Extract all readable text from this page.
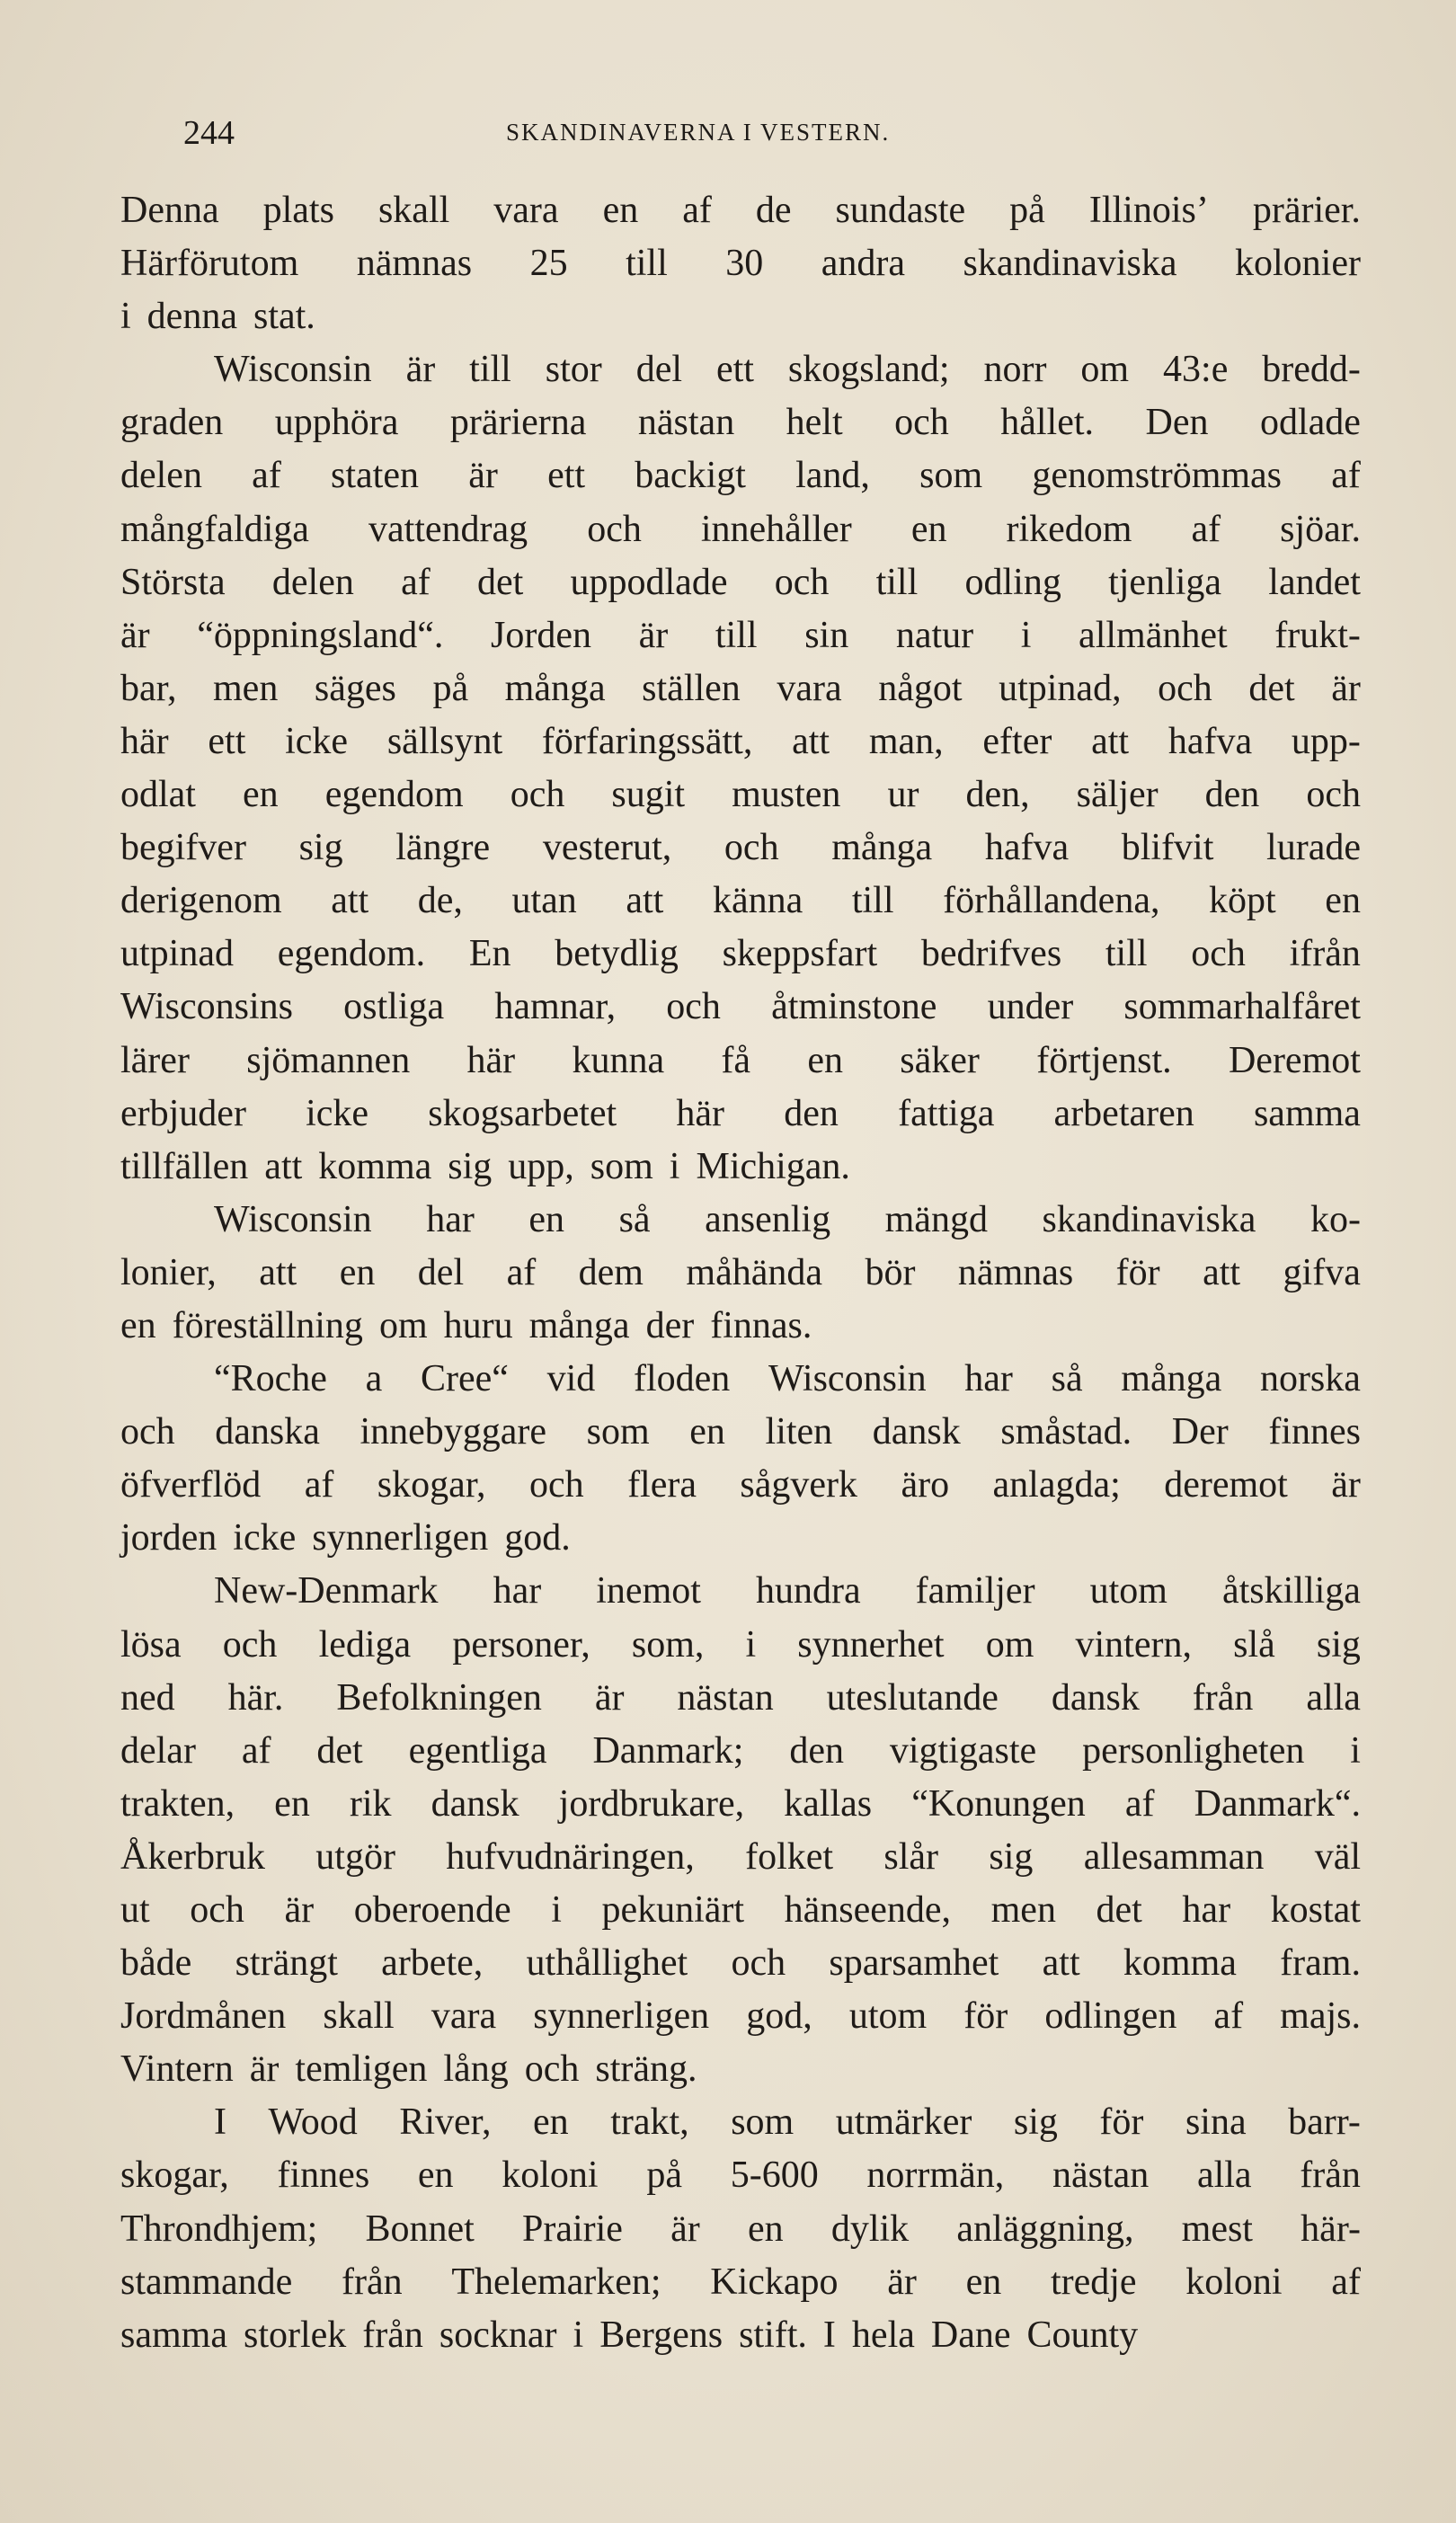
244	SKANDINAVERNA I VESTERN.
Denna plats skall vara en af de sundaste på Illinois’ prärier.
Härförutom nämnas 25 till 30 andra skandinaviska kolonier
i denna stat.
Wisconsin är till stor del ett skogsland; norr om 43:e bredd-
graden upphöra prärierna nästan helt och hållet. Den odlade
delen af staten är ett backigt land, som genomströmmas af
mångfaldiga vattendrag och innehåller en rikedom af sjöar.
Största delen af det uppodlade och till odling tjenliga landet
är “öppningsland“. Jorden är till sin natur i allmänhet frukt-
bar, men säges på många ställen vara något utpinad, och det är
här ett icke sällsynt förfaringssätt, att man, efter att hafva upp-
odlat en egendom och sugit musten ur den, säljer den och
begifver sig längre vesterut, och många hafva blifvit lurade
derigenom att de, utan att känna till förhållandena, köpt en
utpinad egendom. En betydlig skeppsfart bedrifves till och ifrån
Wisconsins ostliga hamnar, och åtminstone under sommarhalfåret
lärer sjömannen här kunna få en säker förtjenst. Deremot
erbjuder icke skogsarbetet här den fattiga arbetaren samma
tillfällen att komma sig upp, som i Michigan.
Wisconsin har en så ansenlig mängd skandinaviska ko-
lonier, att en del af dem måhända bör nämnas för att gifva
en föreställning om huru många der finnas.
“Roche a Cree“ vid floden Wisconsin har så många norska
och danska innebyggare som en liten dansk småstad. Der finnes
öfverflöd af skogar, och flera sågverk äro anlagda; deremot är
jorden icke synnerligen god.
New-Denmark har inemot hundra familjer utom åtskilliga
lösa och lediga personer, som, i synnerhet om vintern, slå sig
ned här. Befolkningen är nästan uteslutande dansk från alla
delar af det egentliga Danmark; den vigtigaste personligheten i
trakten, en rik dansk jordbrukare, kallas “Konungen af Danmark“.
Åkerbruk utgör hufvudnäringen, folket slår sig allesamman väl
ut och är oberoende i pekuniärt hänseende, men det har kostat
både strängt arbete, uthållighet och sparsamhet att komma fram.
Jordmånen skall vara synnerligen god, utom för odlingen af majs.
Vintern är temligen lång och sträng.
I Wood River, en trakt, som utmärker sig för sina barr-
skogar, finnes en koloni på 5-600 norrmän, nästan alla från
Throndhjem; Bonnet Prairie är en dylik anläggning, mest här-
stammande från Thelemarken; Kickapo är en tredje koloni af
samma storlek från socknar i Bergens stift. I hela Dane County
